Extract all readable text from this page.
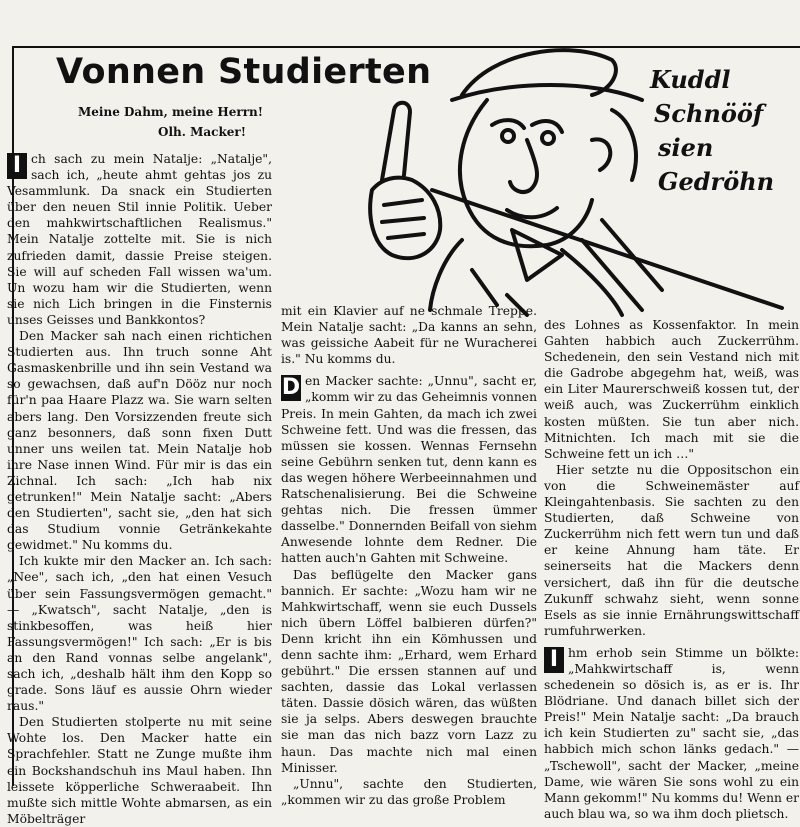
Vonnen Studierten

Meine Dahm, meine Herrn!

Olh. Macker!

Kuddl
Schnööf
sien
Gedröhn

I ch sach zu mein Natalje: „Natalje", sach ich, „heute ahmt gehtas jos zu Vesammlunk. Da snack ein Studierten über den neuen Stil innie Politik. Ueber den mahkwirtschaftlichen Realismus." Mein Natalje zottelte mit. Sie is nich zufrieden damit, dassie Preise steigen. Sie will auf scheden Fall wissen wa'um. Un wozu ham wir die Studierten, wenn sie nich Lich bringen in die Finsternis unses Geisses und Bankkontos?

Den Macker sah nach einen richtichen Studierten aus. Ihn truch sonne Aht Gasmaskenbrille und ihn sein Vestand wa so gewachsen, daß auf'n Dööz nur noch für'n paa Haare Plazz wa. Sie warn selten abers lang. Den Vorsizzenden freute sich ganz besonners, daß sonn fixen Dutt unner uns weilen tat. Mein Natalje hob ihre Nase innen Wind. Für mir is das ein Zichnal. Ich sach: „Ich hab nix getrunken!" Mein Natalje sacht: „Abers den Studierten", sacht sie, „den hat sich das Studium vonnie Getränkekahte gewidmet." Nu komms du.

Ich kukte mir den Macker an. Ich sach: „Nee", sach ich, „den hat einen Vesuch über sein Fassungsvermögen gemacht." — „Kwatsch", sacht Natalje, „den is stinkbesoffen, was heiß hier Fassungsvermögen!" Ich sach: „Er is bis an den Rand vonnas selbe angelank", sach ich, „deshalb hält ihm den Kopp so grade. Sons läuf es aussie Ohrn wieder raus."

Den Studierten stolperte nu mit seine Wohte los. Den Macker hatte ein Sprachfehler. Statt ne Zunge mußte ihm ein Bockshandschuh ins Maul haben. Ihn leissete köpperliche Schweraabeit. Ihn mußte sich mittle Wohte abmarsen, as ein Möbelträger

mit ein Klavier auf ne schmale Treppe. Mein Natalje sacht: „Da kanns an sehn, was geissiche Aabeit für ne Wuracherei is." Nu komms du.

D en Macker sachte: „Unnu", sacht er, „komm wir zu das Geheimnis vonnen Preis. In mein Gahten, da mach ich zwei Schweine fett. Und was die fressen, das müssen sie kossen. Wennas Fernsehn seine Gebührn senken tut, denn kann es das wegen höhere Werbeeinnahmen und Ratschenalisierung. Bei die Schweine gehtas nich. Die fressen ümmer dasselbe." Donnernden Beifall von siehm Anwesende lohnte dem Redner. Die hatten auch'n Gahten mit Schweine.

Das beflügelte den Macker gans bannich. Er sachte: „Wozu ham wir ne Mahkwirtschaff, wenn sie euch Dussels nich übern Löffel balbieren dürfen?" Denn kricht ihn ein Kömhussen und denn sachte ihm: „Erhard, wem Erhard gebührt." Die erssen stannen auf und sachten, dassie das Lokal verlassen täten. Dassie dösich wären, das wüßten sie ja selps. Abers deswegen brauchte sie man das nich bazz vorn Lazz zu haun. Das machte nich mal einen Minisser.

„Unnu", sachte den Studierten, „kommen wir zu das große Problem

des Lohnes as Kossenfaktor. In mein Gahten habbich auch Zuckerrühm. Schedenein, den sein Vestand nich mit die Gadrobe abgegehm hat, weiß, was ein Liter Maurerschweiß kossen tut, der weiß auch, was Zuckerrühm einklich kosten müßten. Sie tun aber nich. Mitnichten. Ich mach mit sie die Schweine fett un ich …"

Hier setzte nu die Oppositschon ein von die Schweinemäster auf Kleingahtenbasis. Sie sachten zu den Studierten, daß Schweine von Zuckerrühm nich fett wern tun und daß er keine Ahnung ham täte. Er seinerseits hat die Mackers denn versichert, daß ihn für die deutsche Zukunff schwahz sieht, wenn sonne Esels as sie innie Ernährungswittschaff rumfuhrwerken.

I hm erhob sein Stimme un bölkte: „Mahkwirtschaff is, wenn schedenein so dösich is, as er is. Ihr Blödriane. Und danach billet sich der Preis!" Mein Natalje sacht: „Da brauch ich kein Studierten zu" sacht sie, „das habbich mich schon länks gedach." — „Tschewoll", sacht der Macker, „meine Dame, wie wären Sie sons wohl zu ein Mann gekomm!" Nu komms du! Wenn er auch blau wa, so wa ihm doch plietsch.
